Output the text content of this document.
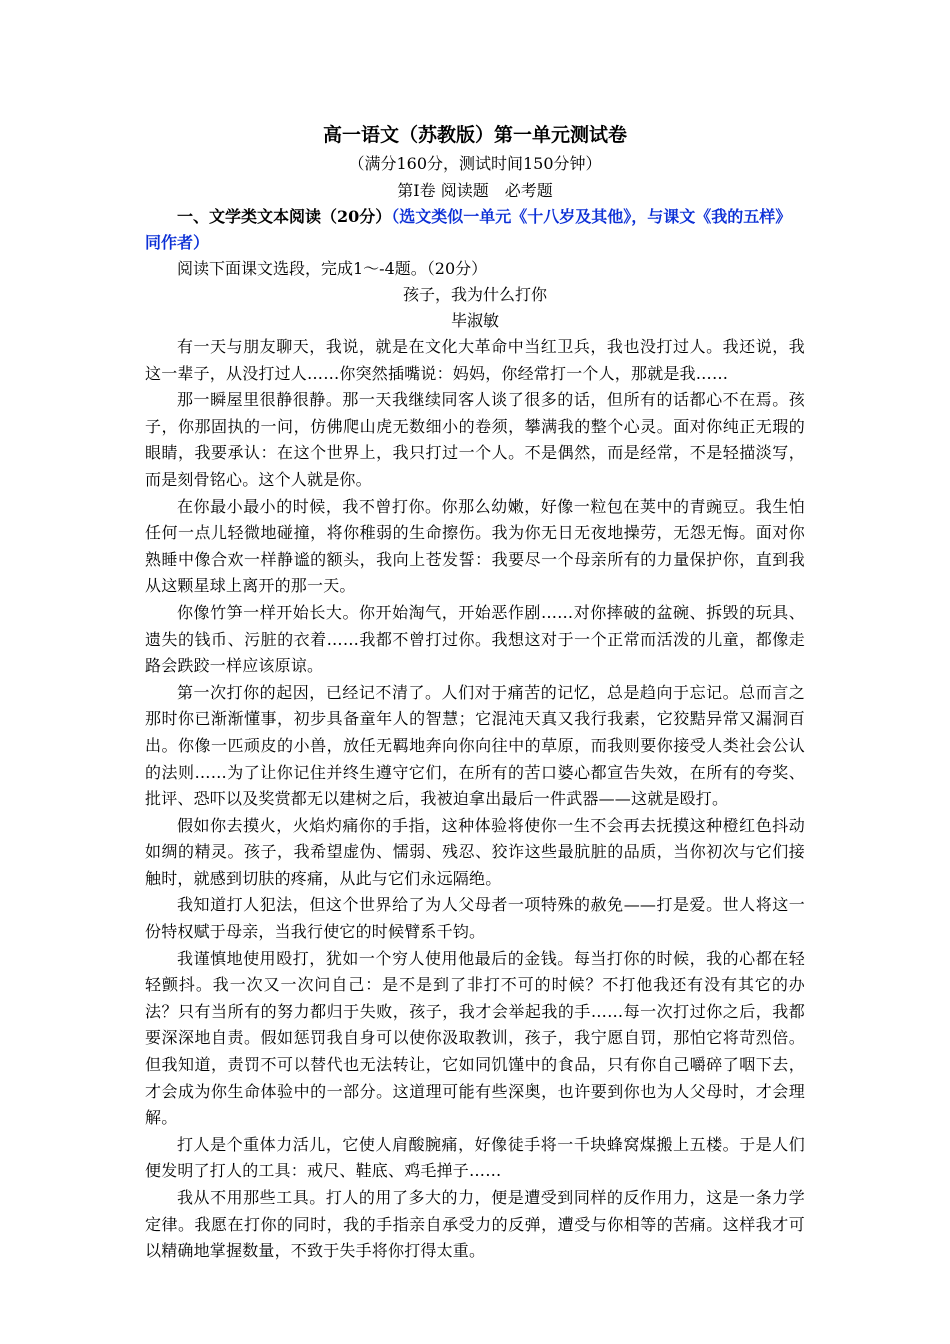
高一语文（苏教版）第一单元测试卷

（满分160分，测试时间150分钟）

第Ⅰ卷 阅读题　必考题

一、文学类文本阅读（20分）（选文类似一单元《十八岁及其他》，与课文《我的五样》同作者）

阅读下面课文选段，完成1～-4题。（20分）

孩子，我为什么打你

毕淑敏

有一天与朋友聊天，我说，就是在文化大革命中当红卫兵，我也没打过人。我还说，我这一辈子，从没打过人……你突然插嘴说：妈妈，你经常打一个人，那就是我……

那一瞬屋里很静很静。那一天我继续同客人谈了很多的话，但所有的话都心不在焉。孩子，你那固执的一问，仿佛爬山虎无数细小的卷须，攀满我的整个心灵。面对你纯正无瑕的眼睛，我要承认：在这个世界上，我只打过一个人。不是偶然，而是经常，不是轻描淡写，而是刻骨铭心。这个人就是你。

在你最小最小的时候，我不曾打你。你那么幼嫩，好像一粒包在荚中的青豌豆。我生怕任何一点儿轻微地碰撞，将你稚弱的生命擦伤。我为你无日无夜地操劳，无怨无悔。面对你熟睡中像合欢一样静谧的额头，我向上苍发誓：我要尽一个母亲所有的力量保护你，直到我从这颗星球上离开的那一天。

你像竹笋一样开始长大。你开始淘气，开始恶作剧……对你摔破的盆碗、拆毁的玩具、遗失的钱币、污脏的衣着……我都不曾打过你。我想这对于一个正常而活泼的儿童，都像走路会跌跤一样应该原谅。

第一次打你的起因，已经记不清了。人们对于痛苦的记忆，总是趋向于忘记。总而言之那时你已渐渐懂事，初步具备童年人的智慧；它混沌天真又我行我素，它狡黠异常又漏洞百出。你像一匹顽皮的小兽，放任无羁地奔向你向往中的草原，而我则要你接受人类社会公认的法则……为了让你记住并终生遵守它们，在所有的苦口婆心都宣告失效，在所有的夸奖、批评、恐吓以及奖赏都无以建树之后，我被迫拿出最后一件武器——这就是殴打。

假如你去摸火，火焰灼痛你的手指，这种体验将使你一生不会再去抚摸这种橙红色抖动如绸的精灵。孩子，我希望虚伪、懦弱、残忍、狡诈这些最肮脏的品质，当你初次与它们接触时，就感到切肤的疼痛，从此与它们永远隔绝。

我知道打人犯法，但这个世界给了为人父母者一项特殊的赦免——打是爱。世人将这一份特权赋于母亲，当我行使它的时候臂系千钧。

我谨慎地使用殴打，犹如一个穷人使用他最后的金钱。每当打你的时候，我的心都在轻轻颤抖。我一次又一次问自己：是不是到了非打不可的时候？不打他我还有没有其它的办法？只有当所有的努力都归于失败，孩子，我才会举起我的手……每一次打过你之后，我都要深深地自责。假如惩罚我自身可以使你汲取教训，孩子，我宁愿自罚，那怕它将苛烈倍。但我知道，责罚不可以替代也无法转让，它如同饥馑中的食品，只有你自己嚼碎了咽下去，才会成为你生命体验中的一部分。这道理可能有些深奥，也许要到你也为人父母时，才会理解。

打人是个重体力活儿，它使人肩酸腕痛，好像徒手将一千块蜂窝煤搬上五楼。于是人们便发明了打人的工具：戒尺、鞋底、鸡毛掸子……

我从不用那些工具。打人的用了多大的力，便是遭受到同样的反作用力，这是一条力学定律。我愿在打你的同时，我的手指亲自承受力的反弹，遭受与你相等的苦痛。这样我才可以精确地掌握数量，不致于失手将你打得太重。
